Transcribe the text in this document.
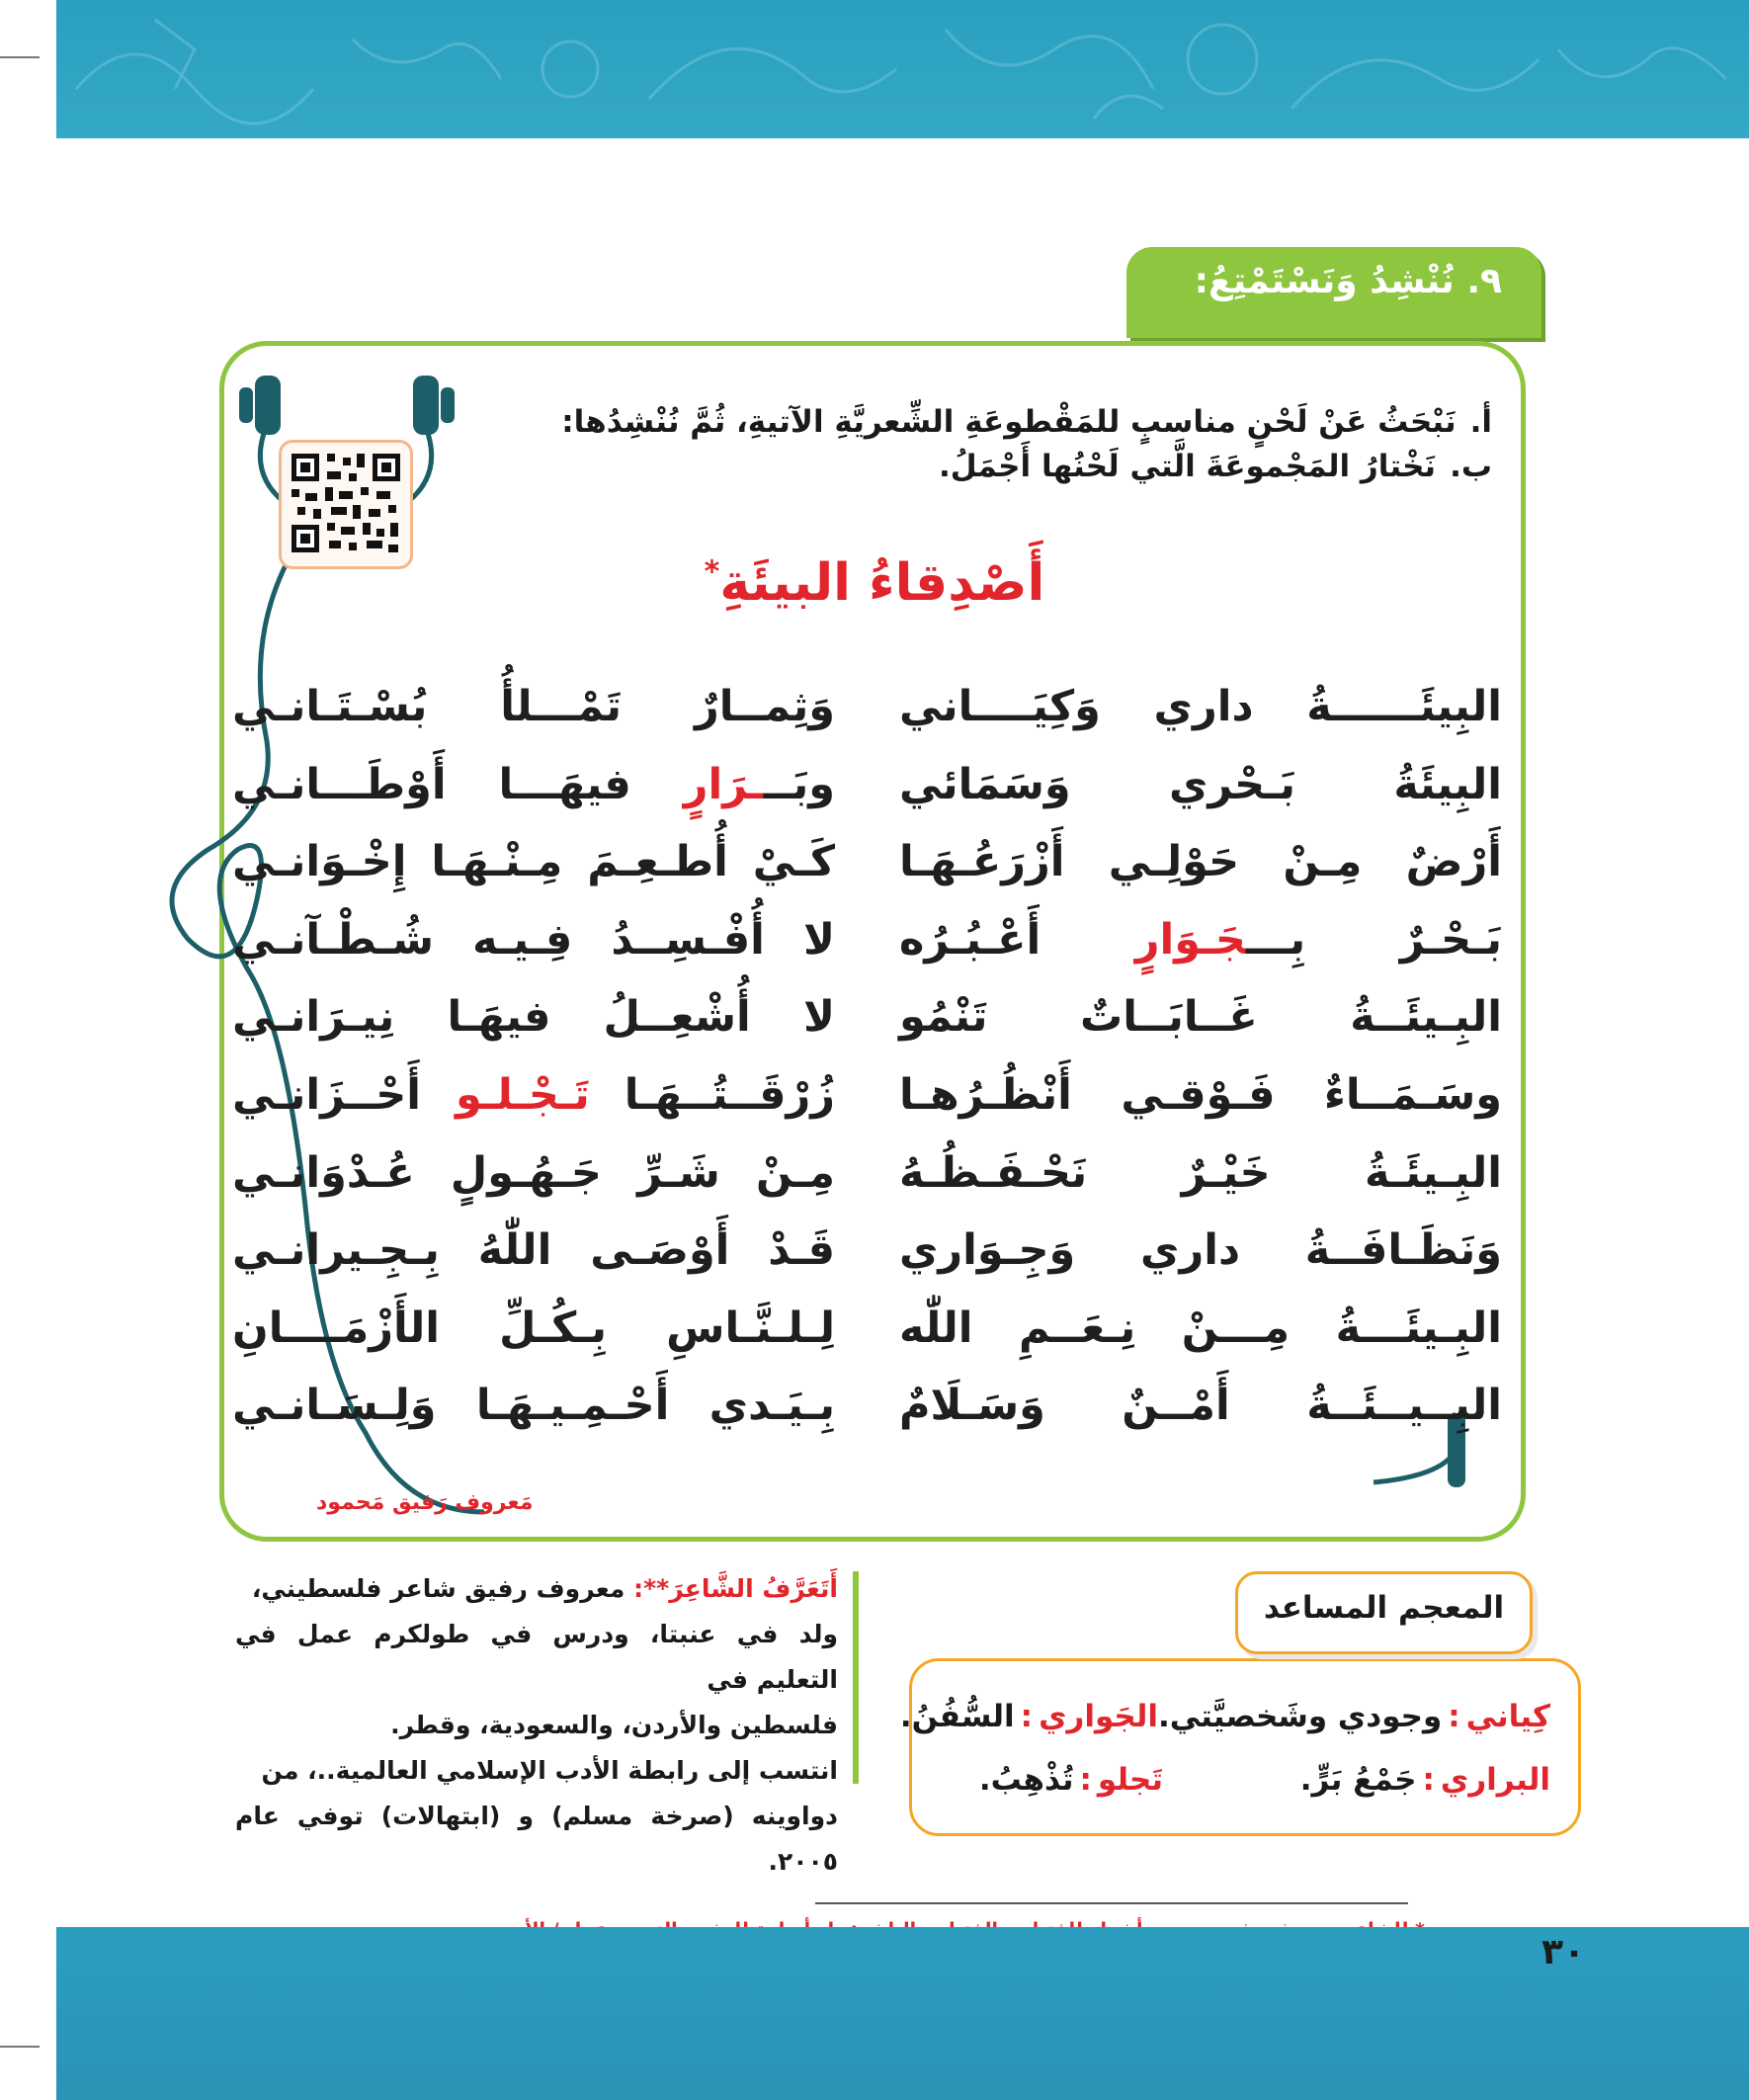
٩. نُنْشِدُ وَنَسْتَمْتِعُ:
أ.نَبْحَثُ عَنْ لَحْنٍ مناسبٍ للمَقْطوعَةِ الشِّعريَّةِ الآتيةِ، ثُمَّ نُنْشِدُها:
ب.نَخْتارُ المَجْموعَةَ الَّتي لَحْنُها أَجْمَلُ.
أَصْدِقاءُ البيئَةِ*
البِيئَــــــةُ داري وَكِيَــــاني
البِيئَةُ بَـحْري وَسَمَائي
أَرْضٌ مِـنْ حَوْلِـي أَزْرَعُـهَـا
بَـحْـرٌ بِـــجَـوَارٍ أَعْـبُـرُه
البِـيئَــةُ غَــابَــاتٌ تَنْمُو
وسَـمَــاءٌ فَـوْقـي أَنْظُـرُهـا
البِـيئَـةُ خَيْـرٌ نَحْـفَـظُـهُ
وَنَظَـافَــةُ داري وَجِـوَاري
البِـيئَـــةُ مِـــنْ نِـعَــمِ اللّٰه
البِــيــئَــةُ أَمْــنٌ وَسَـلَامٌ
وَثِمــارٌ تَمْـــلأُ بُسْـتَـانـي
وبَـــرَارٍ فيهَـــا أَوْطَـــانـي
كَـيْ أُطـعِـمَ مِـنْـهَـا إِخْـوَانـي
لا أُفْـسِــدُ فِـيـه شُـطْـآنـي
لا أُشْعِــلُ فيهَـا نِيـرَانـي
زُرْقَــتُــهَـا تَـجْـلـو أَحْــزَانـي
مِـنْ شَـرِّ جَـهُـولٍ عُـدْوَانـي
قَـدْ أَوْصَـى اللّٰهُ بِـجِـيرانـي
لِـلـنَّـاسِ بِـكُـلِّ الأَزْمَــــانِ
بِـيَـدي أَحْـمِـيـهَـا وَلِـسَـانـي
مَعروف رَفيق مَحمود
أَتَعَرَّفُ الشَّاعِرَ**: معروف رفيق شاعر فلسطيني،
ولد في عنبتا، ودرس في طولكرم عمل في التعليم في
فلسطين والأردن، والسعودية، وقطر.
انتسب إلى رابطة الأدب الإسلامي العالمية..، من
دواوينه (صرخة مسلم) و (ابتهالات) توفي عام ٢٠٠٥.
كِياني:وجودي وشَخصيَّتي.
الجَواري:السُّفُنُ.
البراري:جَمْعُ بَرٍّ.
تَجلو:تُذْهِبُ.
المعجم المساعد
٣٠
